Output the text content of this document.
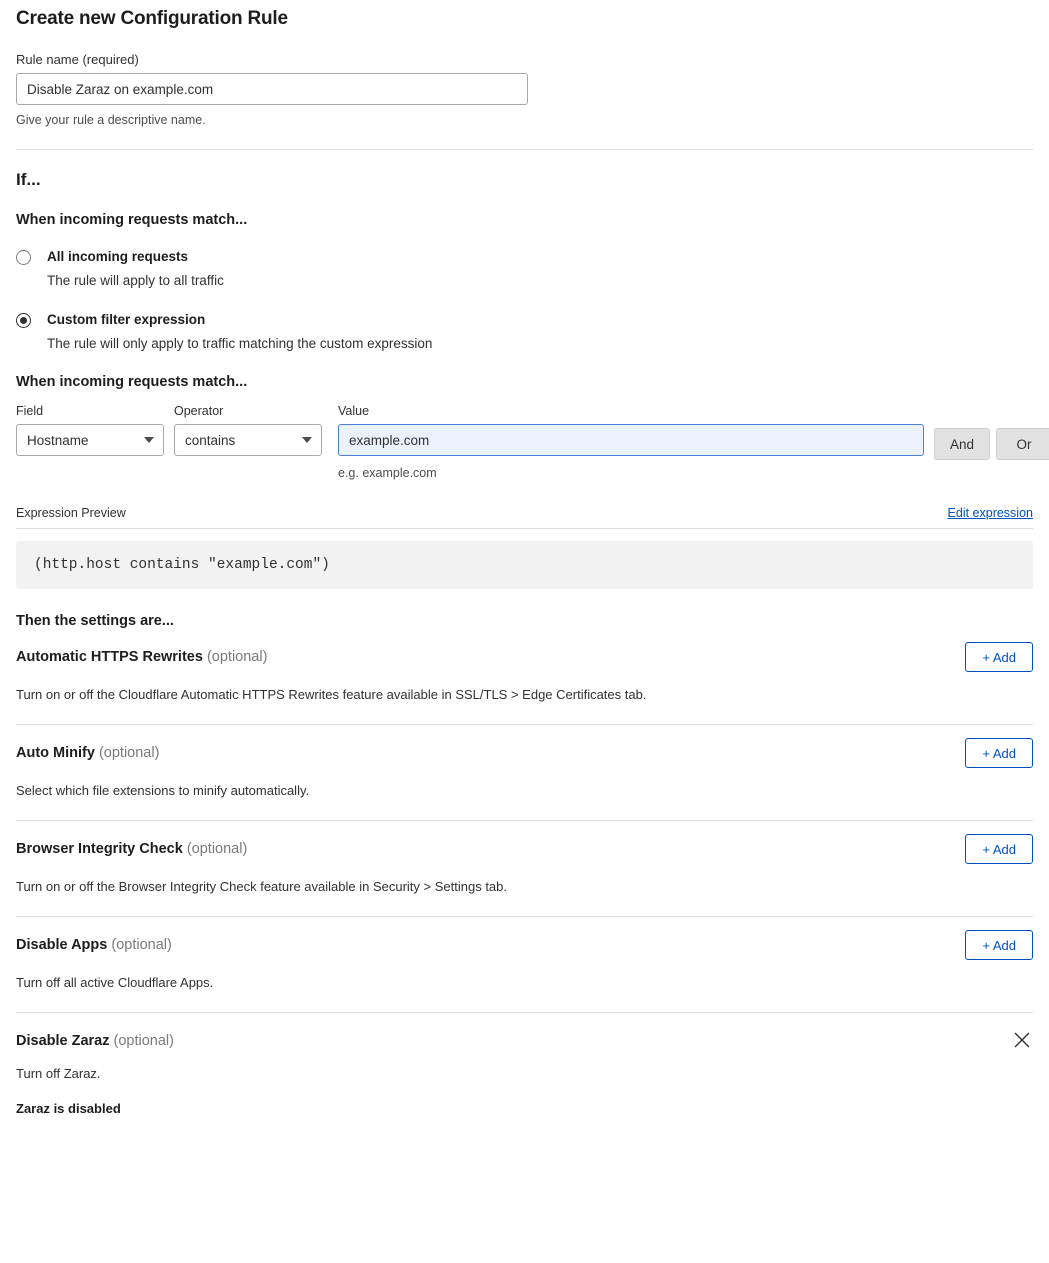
Create new Configuration Rule
Rule name (required)
Disable Zaraz on example.com
Give your rule a descriptive name.
If...
When incoming requests match...
All incoming requests
The rule will apply to all traffic
Custom filter expression
The rule will only apply to traffic matching the custom expression
When incoming requests match...
Field
Hostname
Operator
contains
Value
example.com
e.g. example.com
And	Or
Expression Preview	Edit expression
(http.host contains "example.com")
Then the settings are...
Automatic HTTPS Rewrites (optional)	+ Add
Turn on or off the Cloudflare Automatic HTTPS Rewrites feature available in SSL/TLS > Edge Certificates tab.
Auto Minify (optional)	+ Add
Select which file extensions to minify automatically.
Browser Integrity Check (optional)	+ Add
Turn on or off the Browser Integrity Check feature available in Security > Settings tab.
Disable Apps (optional)	+ Add
Turn off all active Cloudflare Apps.
Disable Zaraz (optional)
Turn off Zaraz.
Zaraz is disabled
